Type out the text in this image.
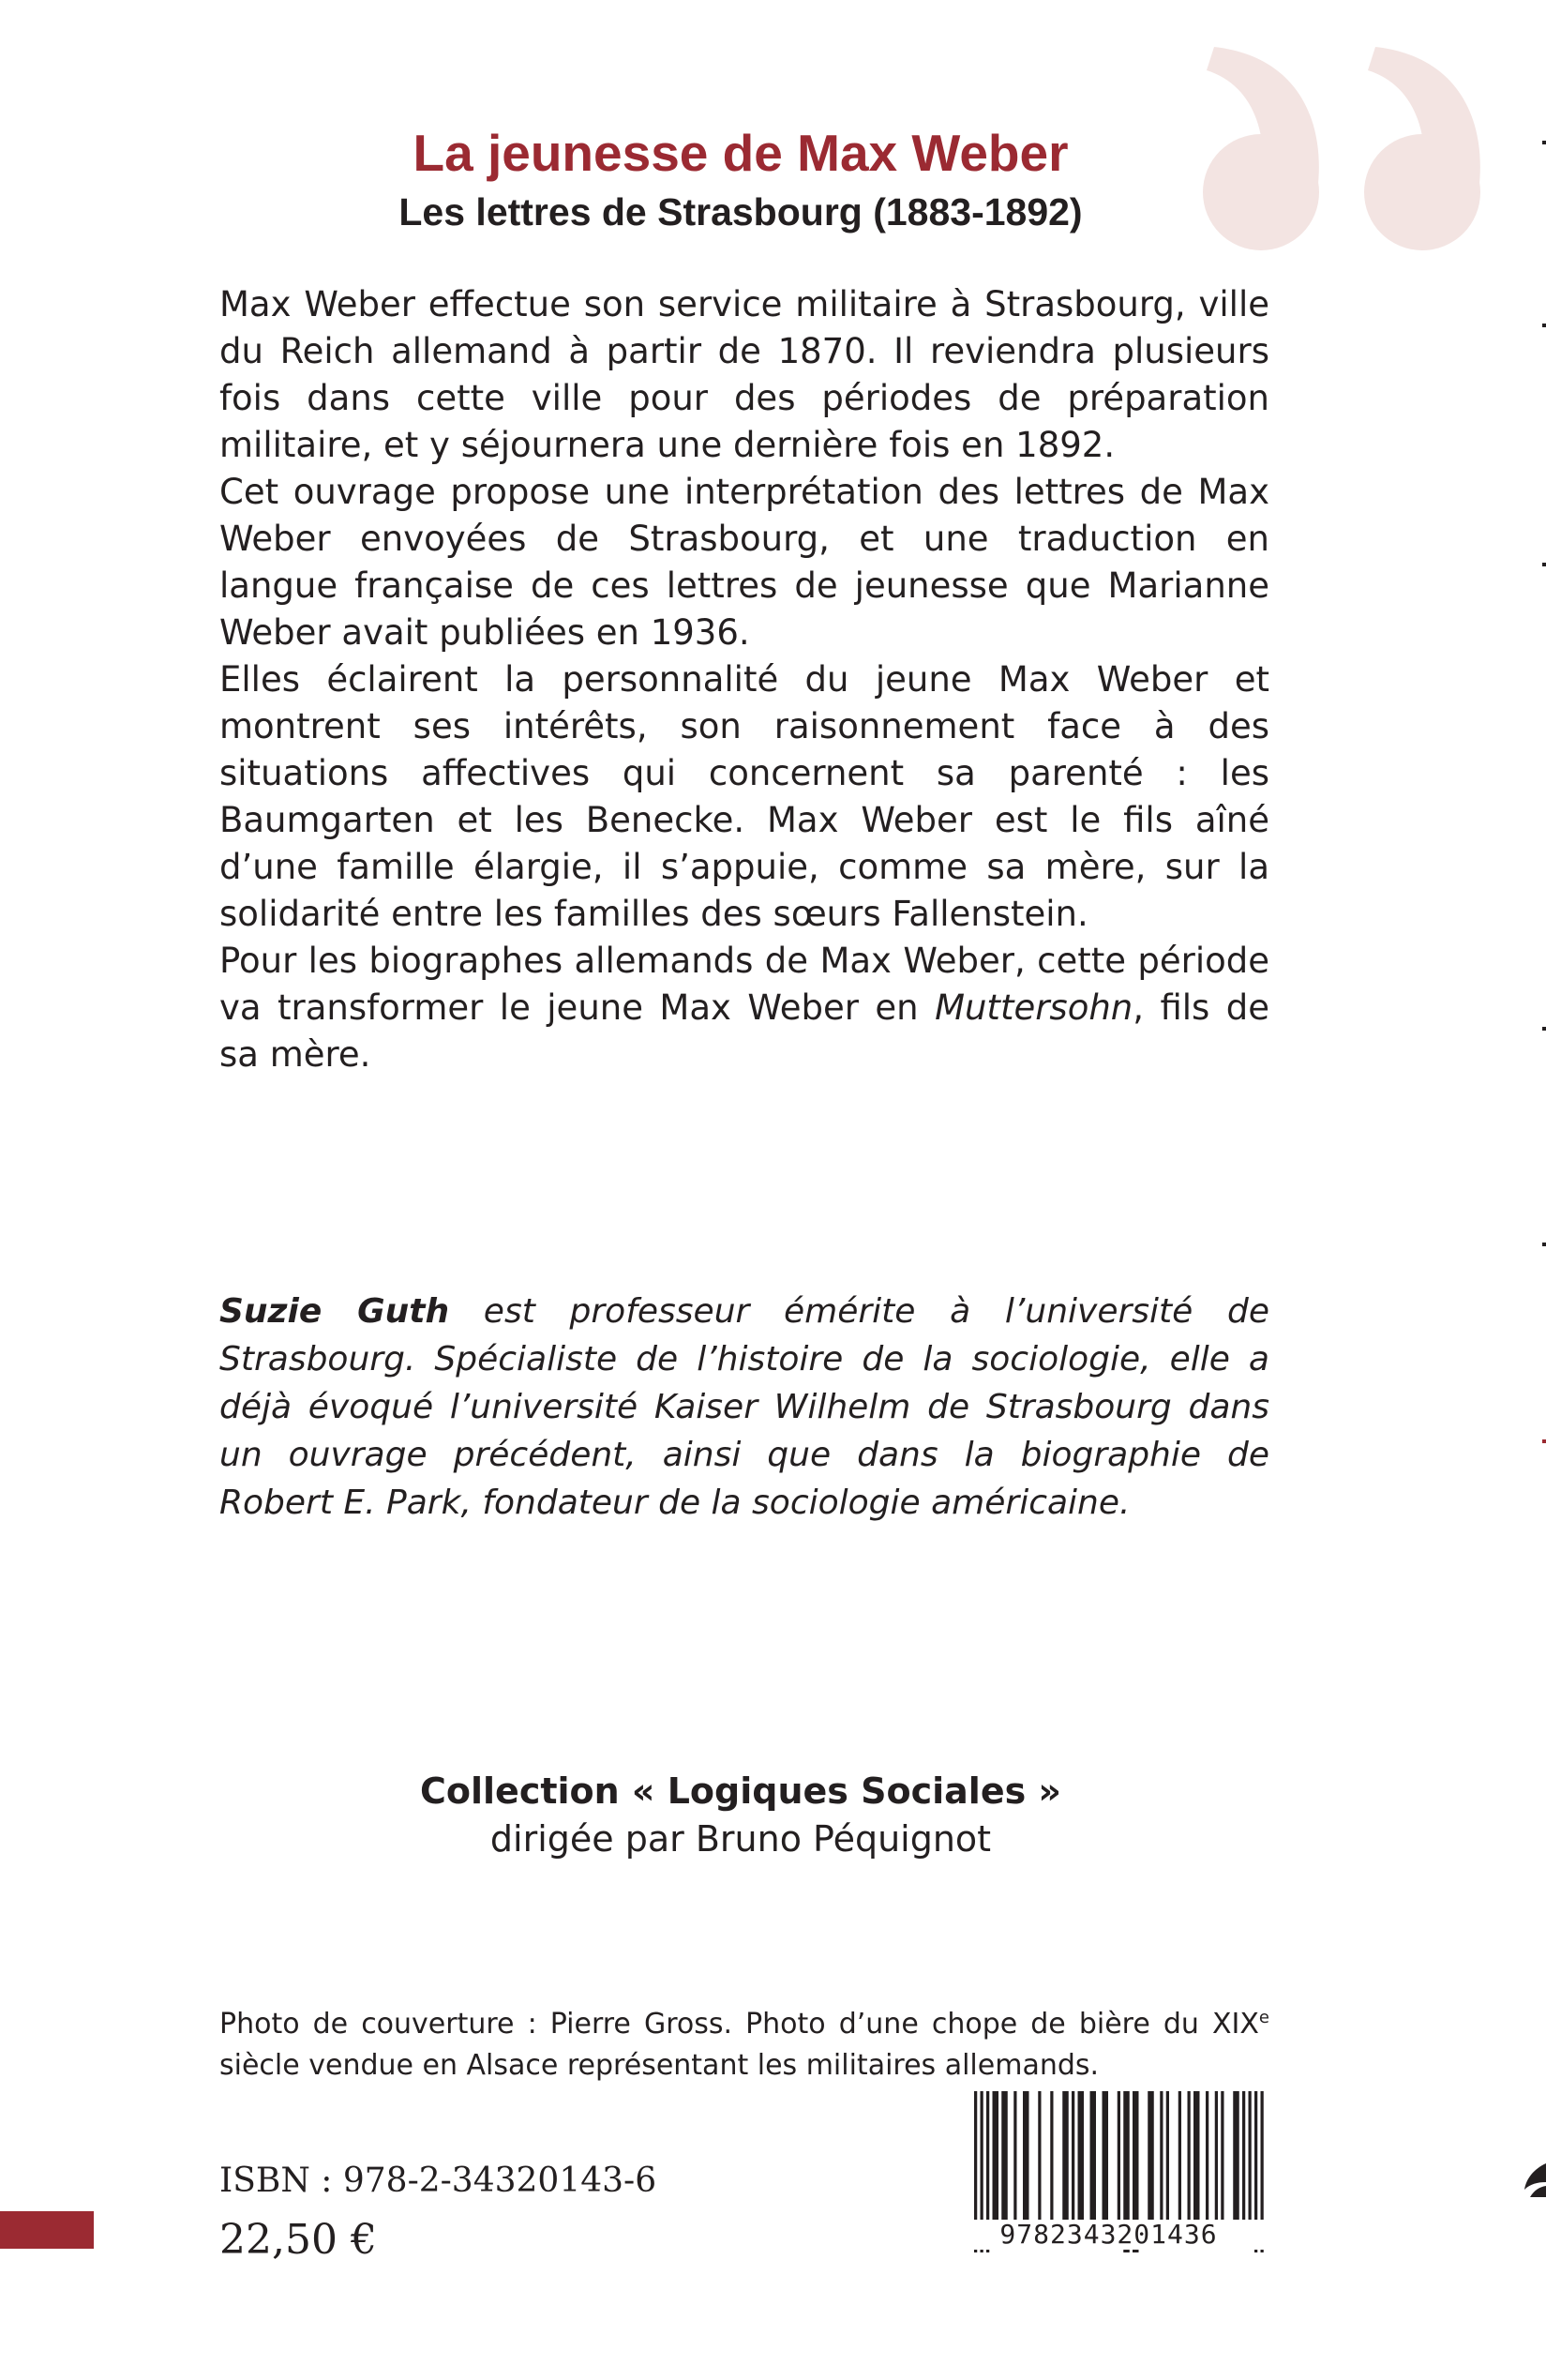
La jeunesse de Max Weber
Les lettres de Strasbourg (1883-1892)

Max Weber effectue son service militaire à Strasbourg, ville du Reich allemand à partir de 1870. Il reviendra plusieurs fois dans cette ville pour des périodes de préparation militaire, et y séjournera une dernière fois en 1892.

Cet ouvrage propose une interprétation des lettres de Max Weber envoyées de Strasbourg, et une traduction en langue française de ces lettres de jeunesse que Marianne Weber avait publiées en 1936.

Elles éclairent la personnalité du jeune Max Weber et montrent ses intérêts, son raisonnement face à des situations affectives qui concernent sa parenté : les Baumgarten et les Benecke. Max Weber est le fils aîné d’une famille élargie, il s’appuie, comme sa mère, sur la solidarité entre les familles des sœurs Fallenstein.

Pour les biographes allemands de Max Weber, cette période va transformer le jeune Max Weber en Muttersohn, fils de sa mère.

Suzie Guth est professeur émérite à l’université de Strasbourg. Spécialiste de l’histoire de la sociologie, elle a déjà évoqué l’université Kaiser Wilhelm de Strasbourg dans un ouvrage précédent, ainsi que dans la biographie de Robert E. Park, fondateur de la sociologie américaine.
Collection « Logiques Sociales »
dirigée par Bruno Péquignot
Photo de couverture : Pierre Gross. Photo d’une chope de bière du XIXe siècle vendue en Alsace représentant les militaires allemands.
ISBN : 978-2-34320143-6
22,50 €	9782343201436
